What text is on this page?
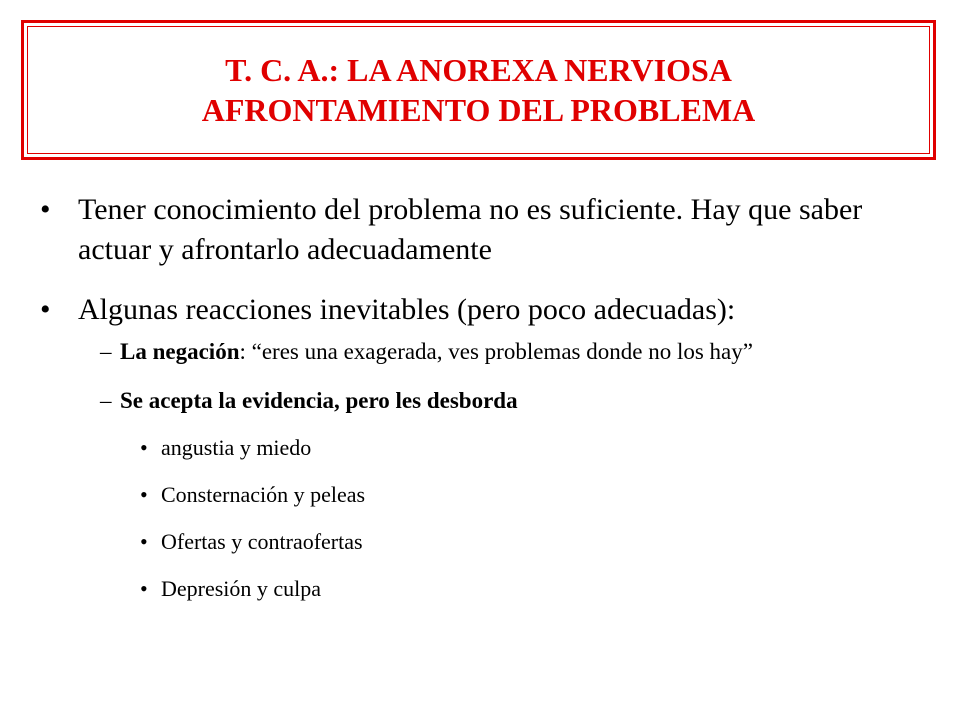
T. C. A.: LA ANOREXA NERVIOSA
AFRONTAMIENTO DEL PROBLEMA
• Tener conocimiento del problema no es suficiente. Hay que saber actuar y afrontarlo adecuadamente
• Algunas reacciones inevitables (pero poco adecuadas):
– La negación: “eres una exagerada, ves problemas donde no los hay”
– Se acepta la evidencia, pero les desborda
• angustia y miedo
• Consternación y peleas
• Ofertas y contraofertas
• Depresión y culpa
